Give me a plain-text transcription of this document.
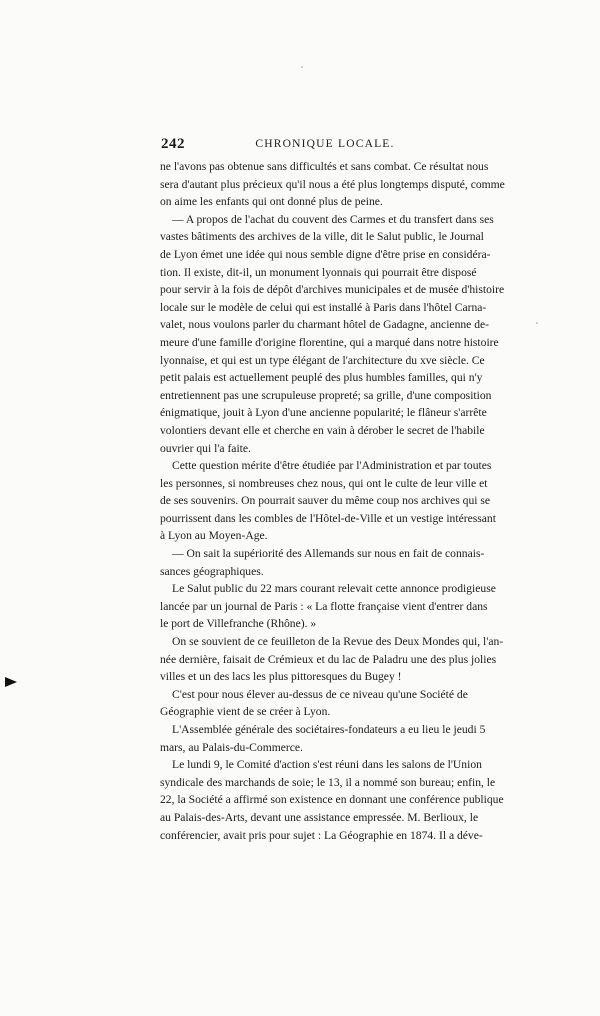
242	CHRONIQUE LOCALE.

ne l'avons pas obtenue sans difficultés et sans combat. Ce résultat nous
sera d'autant plus précieux qu'il nous a été plus longtemps disputé, comme
on aime les enfants qui ont donné plus de peine.

— A propos de l'achat du couvent des Carmes et du transfert dans ses
vastes bâtiments des archives de la ville, dit le Salut public, le Journal
de Lyon émet une idée qui nous semble digne d'être prise en considéra-
tion. Il existe, dit-il, un monument lyonnais qui pourrait être disposé
pour servir à la fois de dépôt d'archives municipales et de musée d'histoire
locale sur le modèle de celui qui est installé à Paris dans l'hôtel Carna-
valet, nous voulons parler du charmant hôtel de Gadagne, ancienne de-
meure d'une famille d'origine florentine, qui a marqué dans notre histoire
lyonnaise, et qui est un type élégant de l'architecture du xve siècle. Ce
petit palais est actuellement peuplé des plus humbles familles, qui n'y
entretiennent pas une scrupuleuse propreté; sa grille, d'une composition
énigmatique, jouit à Lyon d'une ancienne popularité; le flâneur s'arrête
volontiers devant elle et cherche en vain à dérober le secret de l'habile
ouvrier qui l'a faite.

Cette question mérite d'être étudiée par l'Administration et par toutes
les personnes, si nombreuses chez nous, qui ont le culte de leur ville et
de ses souvenirs. On pourrait sauver du même coup nos archives qui se
pourrissent dans les combles de l'Hôtel-de-Ville et un vestige intéressant
à Lyon au Moyen-Age.

— On sait la supériorité des Allemands sur nous en fait de connais-
sances géographiques.

Le Salut public du 22 mars courant relevait cette annonce prodigieuse
lancée par un journal de Paris : « La flotte française vient d'entrer dans
le port de Villefranche (Rhône). »

On se souvient de ce feuilleton de la Revue des Deux Mondes qui, l'an-
née dernière, faisait de Crémieux et du lac de Paladru une des plus jolies
villes et un des lacs les plus pittoresques du Bugey !

C'est pour nous élever au-dessus de ce niveau qu'une Société de
Géographie vient de se créer à Lyon.

L'Assemblée générale des sociétaires-fondateurs a eu lieu le jeudi 5
mars, au Palais-du-Commerce.

Le lundi 9, le Comité d'action s'est réuni dans les salons de l'Union
syndicale des marchands de soie; le 13, il a nommé son bureau; enfin, le
22, la Société a affirmé son existence en donnant une conférence publique
au Palais-des-Arts, devant une assistance empressée. M. Berlioux, le
conférencier, avait pris pour sujet : La Géographie en 1874. Il a déve-
